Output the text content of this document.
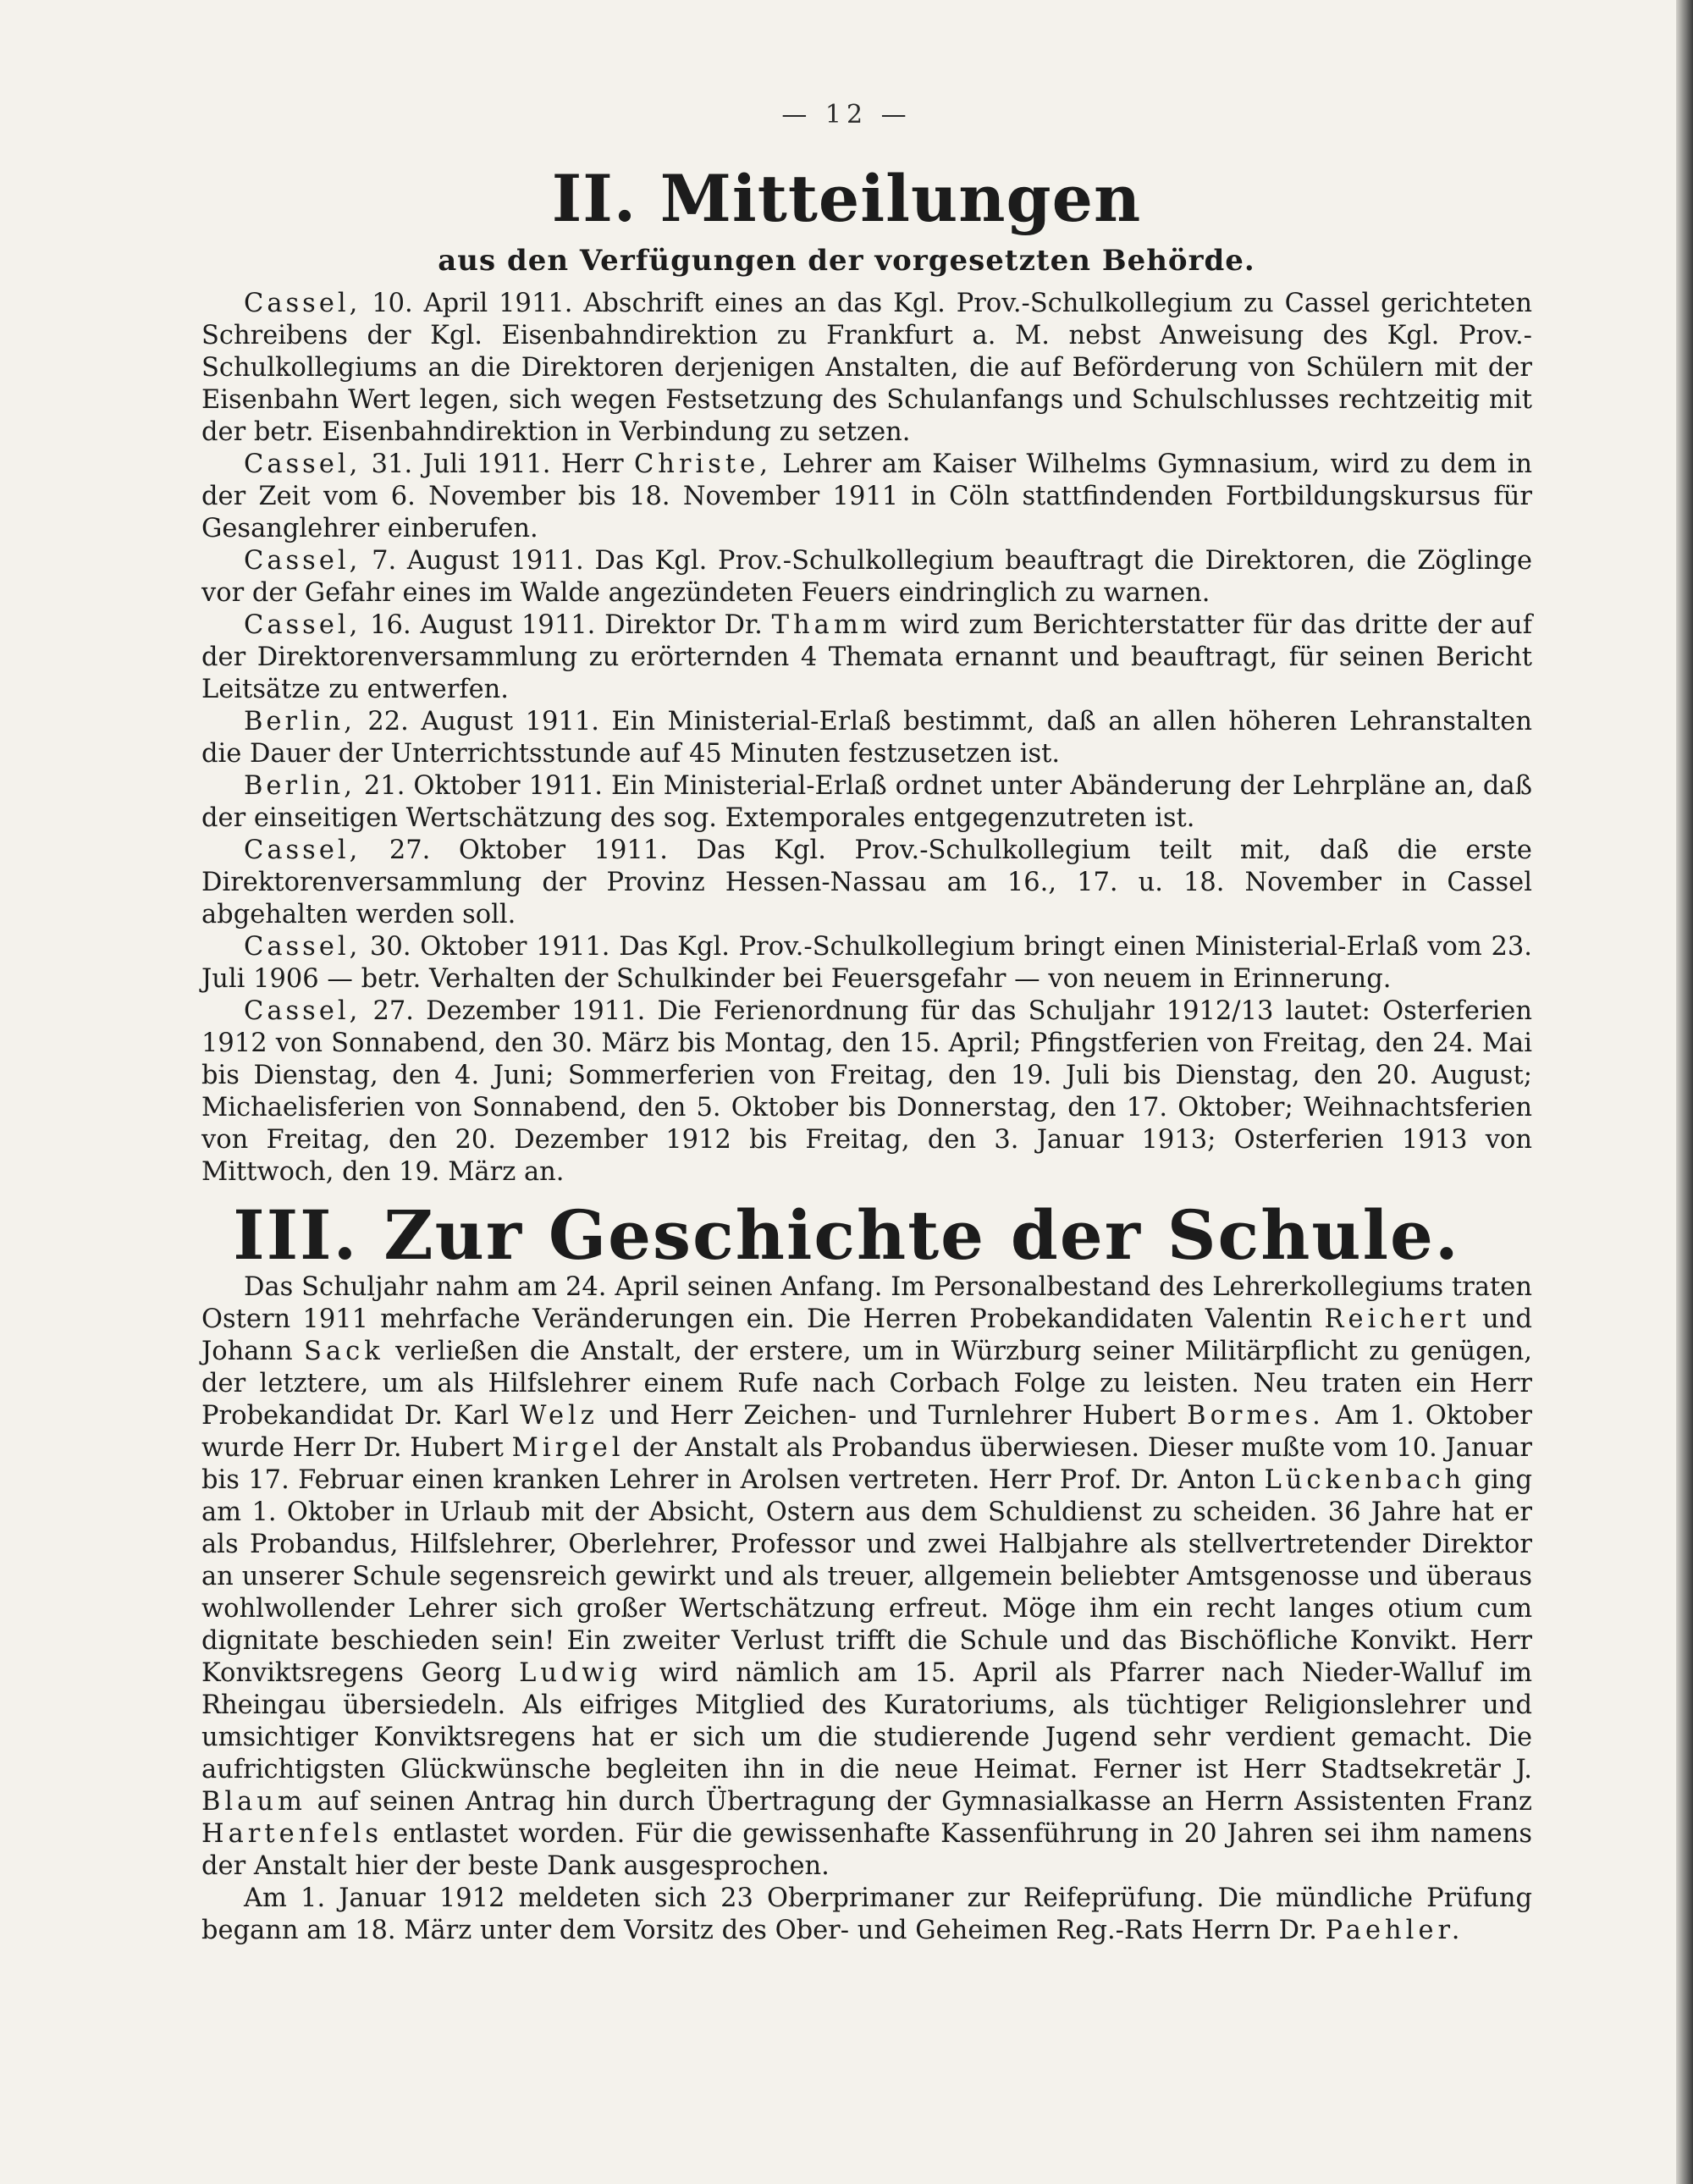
— 12 —
II. Mitteilungen
aus den Verfügungen der vorgesetzten Behörde.

Cassel, 10. April 1911. Abschrift eines an das Kgl. Prov.-Schulkollegium zu Cassel gerichteten Schreibens der Kgl. Eisenbahndirektion zu Frankfurt a. M. nebst Anweisung des Kgl. Prov.-Schulkollegiums an die Direktoren derjenigen Anstalten, die auf Beförderung von Schülern mit der Eisenbahn Wert legen, sich wegen Festsetzung des Schulanfangs und Schulschlusses rechtzeitig mit der betr. Eisenbahndirektion in Verbindung zu setzen.

Cassel, 31. Juli 1911. Herr Christe, Lehrer am Kaiser Wilhelms Gymnasium, wird zu dem in der Zeit vom 6. November bis 18. November 1911 in Cöln stattfindenden Fortbildungskursus für Gesanglehrer einberufen.

Cassel, 7. August 1911. Das Kgl. Prov.-Schulkollegium beauftragt die Direktoren, die Zöglinge vor der Gefahr eines im Walde angezündeten Feuers eindringlich zu warnen.

Cassel, 16. August 1911. Direktor Dr. Thamm wird zum Berichterstatter für das dritte der auf der Direktorenversammlung zu erörternden 4 Themata ernannt und beauftragt, für seinen Bericht Leitsätze zu entwerfen.

Berlin, 22. August 1911. Ein Ministerial-Erlaß bestimmt, daß an allen höheren Lehranstalten die Dauer der Unterrichtsstunde auf 45 Minuten festzusetzen ist.

Berlin, 21. Oktober 1911. Ein Ministerial-Erlaß ordnet unter Abänderung der Lehrpläne an, daß der einseitigen Wertschätzung des sog. Extemporales entgegenzutreten ist.

Cassel, 27. Oktober 1911. Das Kgl. Prov.-Schulkollegium teilt mit, daß die erste Direktorenversammlung der Provinz Hessen-Nassau am 16., 17. u. 18. November in Cassel abgehalten werden soll.

Cassel, 30. Oktober 1911. Das Kgl. Prov.-Schulkollegium bringt einen Ministerial-Erlaß vom 23. Juli 1906 — betr. Verhalten der Schulkinder bei Feuersgefahr — von neuem in Erinnerung.

Cassel, 27. Dezember 1911. Die Ferienordnung für das Schuljahr 1912/13 lautet: Osterferien 1912 von Sonnabend, den 30. März bis Montag, den 15. April; Pfingstferien von Freitag, den 24. Mai bis Dienstag, den 4. Juni; Sommerferien von Freitag, den 19. Juli bis Dienstag, den 20. August; Michaelisferien von Sonnabend, den 5. Oktober bis Donnerstag, den 17. Oktober; Weihnachtsferien von Freitag, den 20. Dezember 1912 bis Freitag, den 3. Januar 1913; Osterferien 1913 von Mittwoch, den 19. März an.

III. Zur Geschichte der Schule.

Das Schuljahr nahm am 24. April seinen Anfang. Im Personalbestand des Lehrerkollegiums traten Ostern 1911 mehrfache Veränderungen ein. Die Herren Probekandidaten Valentin Reichert und Johann Sack verließen die Anstalt, der erstere, um in Würzburg seiner Militärpflicht zu genügen, der letztere, um als Hilfslehrer einem Rufe nach Corbach Folge zu leisten. Neu traten ein Herr Probekandidat Dr. Karl Welz und Herr Zeichen- und Turnlehrer Hubert Bormes. Am 1. Oktober wurde Herr Dr. Hubert Mirgel der Anstalt als Probandus überwiesen. Dieser mußte vom 10. Januar bis 17. Februar einen kranken Lehrer in Arolsen vertreten. Herr Prof. Dr. Anton Lückenbach ging am 1. Oktober in Urlaub mit der Absicht, Ostern aus dem Schuldienst zu scheiden. 36 Jahre hat er als Probandus, Hilfslehrer, Oberlehrer, Professor und zwei Halbjahre als stellvertretender Direktor an unserer Schule segensreich gewirkt und als treuer, allgemein beliebter Amtsgenosse und überaus wohlwollender Lehrer sich großer Wertschätzung erfreut. Möge ihm ein recht langes otium cum dignitate beschieden sein! Ein zweiter Verlust trifft die Schule und das Bischöfliche Konvikt. Herr Konviktsregens Georg Ludwig wird nämlich am 15. April als Pfarrer nach Nieder-Walluf im Rheingau übersiedeln. Als eifriges Mitglied des Kuratoriums, als tüchtiger Religionslehrer und umsichtiger Konviktsregens hat er sich um die studierende Jugend sehr verdient gemacht. Die aufrichtigsten Glückwünsche begleiten ihn in die neue Heimat. Ferner ist Herr Stadtsekretär J. Blaum auf seinen Antrag hin durch Übertragung der Gymnasialkasse an Herrn Assistenten Franz Hartenfels entlastet worden. Für die gewissenhafte Kassenführung in 20 Jahren sei ihm namens der Anstalt hier der beste Dank ausgesprochen.

Am 1. Januar 1912 meldeten sich 23 Oberprimaner zur Reifeprüfung. Die mündliche Prüfung begann am 18. März unter dem Vorsitz des Ober- und Geheimen Reg.-Rats Herrn Dr. Paehler.
